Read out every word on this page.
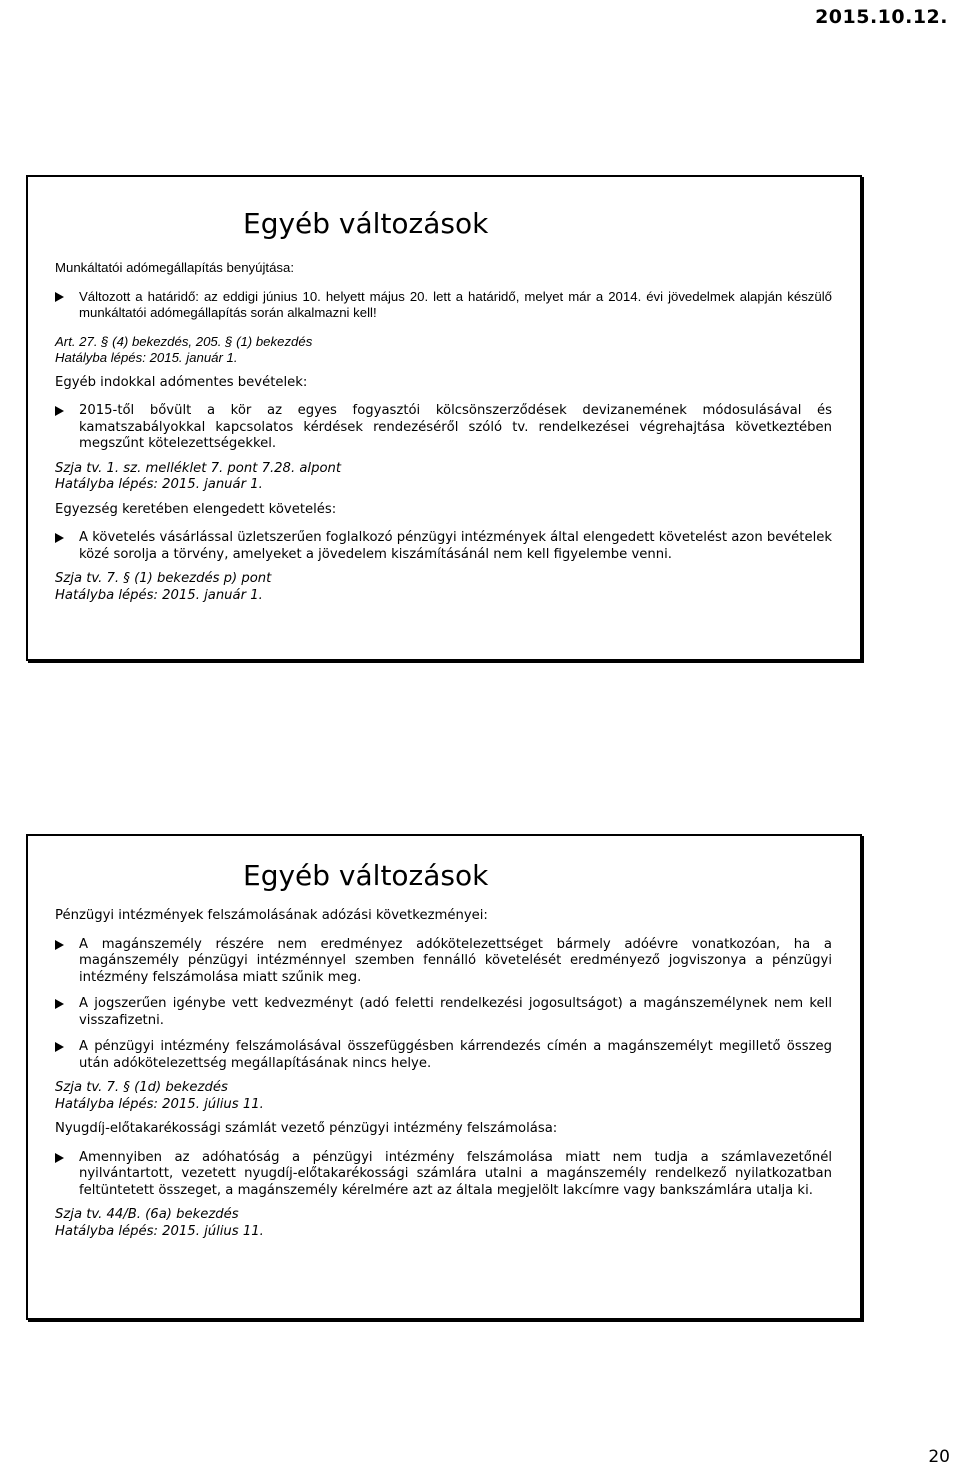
2015.10.12.
Egyéb változások

Munkáltatói adómegállapítás benyújtása:

Változott a határidő: az eddigi június 10. helyett május 20. lett a határidő, melyet már a 2014. évi jövedelmek alapján készülő munkáltatói adómegállapítás során alkalmazni kell!

Art. 27. § (4) bekezdés, 205. § (1) bekezdés

Hatályba lépés: 2015. január 1.

Egyéb indokkal adómentes bevételek:

2015-től bővült a kör az egyes fogyasztói kölcsönszerződések devizanemének módosulásával és kamatszabályokkal kapcsolatos kérdések rendezéséről szóló tv. rendelkezései végrehajtása következtében megszűnt kötelezettségekkel.

Szja tv. 1. sz. melléklet 7. pont 7.28. alpont

Hatályba lépés: 2015. január 1.

Egyezség keretében elengedett követelés:

A követelés vásárlással üzletszerűen foglalkozó pénzügyi intézmények által elengedett követelést azon bevételek közé sorolja a törvény, amelyeket a jövedelem kiszámításánál nem kell figyelembe venni.

Szja tv. 7. § (1) bekezdés p) pont

Hatályba lépés: 2015. január 1.

Egyéb változások

Pénzügyi intézmények felszámolásának adózási következményei:

A magánszemély részére nem eredményez adókötelezettséget bármely adóévre vonatkozóan, ha a magánszemély pénzügyi intézménnyel szemben fennálló követelését eredményező jogviszonya a pénzügyi intézmény felszámolása miatt szűnik meg.
A jogszerűen igénybe vett kedvezményt (adó feletti rendelkezési jogosultságot) a magánszemélynek nem kell visszafizetni.
A pénzügyi intézmény felszámolásával összefüggésben kárrendezés címén a magánszemélyt megillető összeg után adókötelezettség megállapításának nincs helye.

Szja tv. 7. § (1d) bekezdés

Hatályba lépés: 2015. július 11.

Nyugdíj-előtakarékossági számlát vezető pénzügyi intézmény felszámolása:

Amennyiben az adóhatóság a pénzügyi intézmény felszámolása miatt nem tudja a számlavezetőnél nyilvántartott, vezetett nyugdíj-előtakarékossági számlára utalni a magánszemély rendelkező nyilatkozatban feltüntetett összeget, a magánszemély kérelmére azt az általa megjelölt lakcímre vagy bankszámlára utalja ki.

Szja tv. 44/B. (6a) bekezdés

Hatályba lépés: 2015. július 11.

20
